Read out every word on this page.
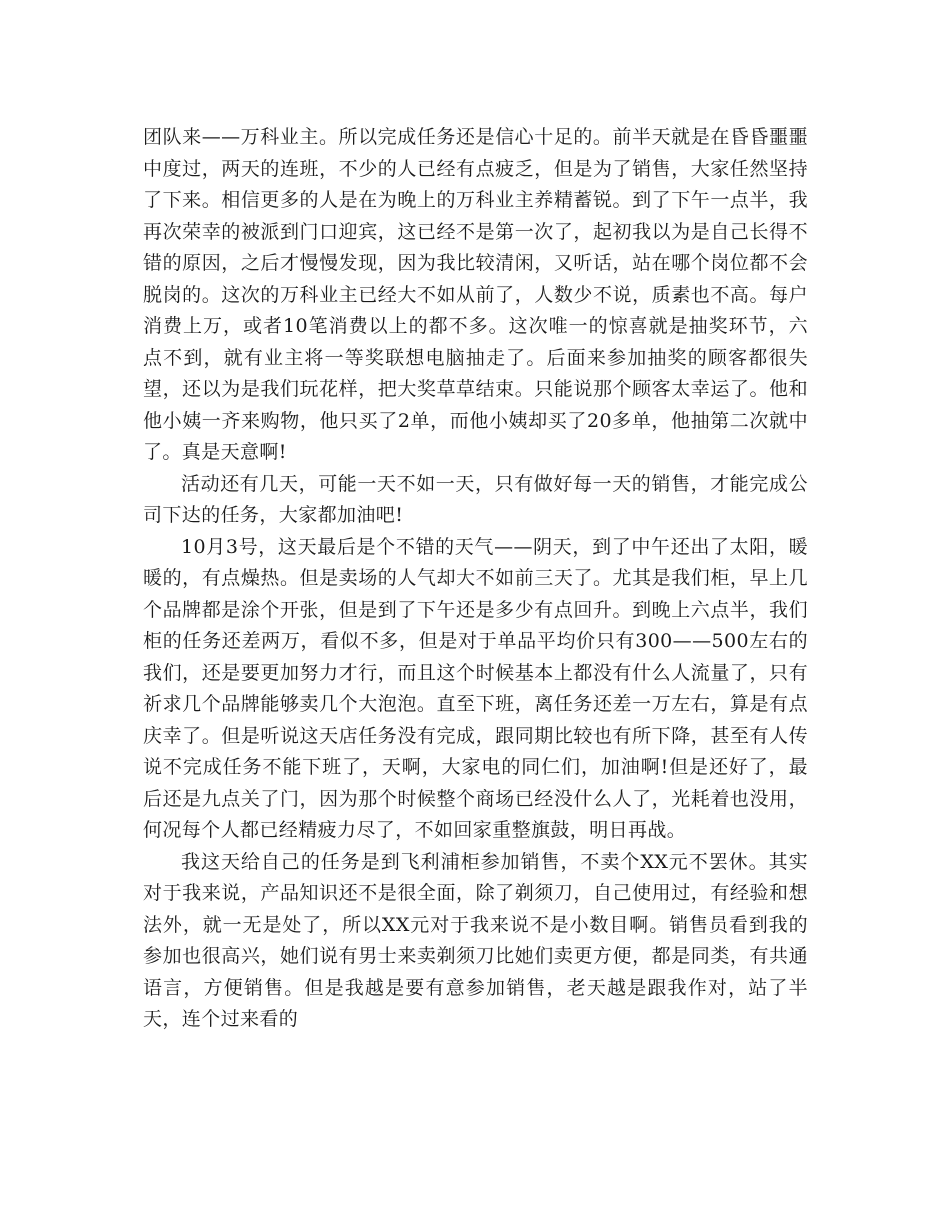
团队来——万科业主。所以完成任务还是信心十足的。前半天就是在昏昏噩噩中度过，两天的连班，不少的人已经有点疲乏，但是为了销售，大家任然坚持了下来。相信更多的人是在为晚上的万科业主养精蓄锐。到了下午一点半，我再次荣幸的被派到门口迎宾，这已经不是第一次了，起初我以为是自己长得不错的原因，之后才慢慢发现，因为我比较清闲，又听话，站在哪个岗位都不会脱岗的。这次的万科业主已经大不如从前了，人数少不说，质素也不高。每户消费上万，或者10笔消费以上的都不多。这次唯一的惊喜就是抽奖环节，六点不到，就有业主将一等奖联想电脑抽走了。后面来参加抽奖的顾客都很失望，还以为是我们玩花样，把大奖草草结束。只能说那个顾客太幸运了。他和他小姨一齐来购物，他只买了2单，而他小姨却买了20多单，他抽第二次就中了。真是天意啊!

活动还有几天，可能一天不如一天，只有做好每一天的销售，才能完成公司下达的任务，大家都加油吧!

10月3号，这天最后是个不错的天气——阴天，到了中午还出了太阳，暖暖的，有点燥热。但是卖场的人气却大不如前三天了。尤其是我们柜，早上几个品牌都是涂个开张，但是到了下午还是多少有点回升。到晚上六点半，我们柜的任务还差两万，看似不多，但是对于单品平均价只有300——500左右的我们，还是要更加努力才行，而且这个时候基本上都没有什么人流量了，只有祈求几个品牌能够卖几个大泡泡。直至下班，离任务还差一万左右，算是有点庆幸了。但是听说这天店任务没有完成，跟同期比较也有所下降，甚至有人传说不完成任务不能下班了，天啊，大家电的同仁们，加油啊!但是还好了，最后还是九点关了门，因为那个时候整个商场已经没什么人了，光耗着也没用，何况每个人都已经精疲力尽了，不如回家重整旗鼓，明日再战。

我这天给自己的任务是到飞利浦柜参加销售，不卖个XX元不罢休。其实对于我来说，产品知识还不是很全面，除了剃须刀，自己使用过，有经验和想法外，就一无是处了，所以XX元对于我来说不是小数目啊。销售员看到我的参加也很高兴，她们说有男士来卖剃须刀比她们卖更方便，都是同类，有共通语言，方便销售。但是我越是要有意参加销售，老天越是跟我作对，站了半天，连个过来看的
